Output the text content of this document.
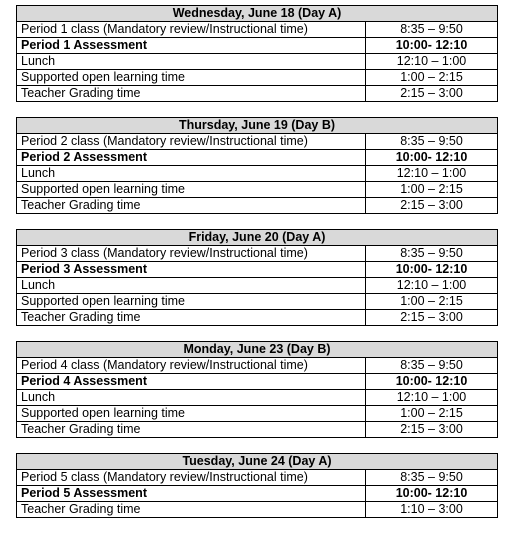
Wednesday, June 18 (Day A)	
Period 1 class (Mandatory review/Instructional time)	8:35 – 9:50
Period 1 Assessment	10:00- 12:10
Lunch	12:10 – 1:00
Supported open learning time	1:00 – 2:15
Teacher Grading time	2:15 – 3:00
Thursday, June 19 (Day B)	
Period 2 class (Mandatory review/Instructional time)	8:35 – 9:50
Period 2 Assessment	10:00- 12:10
Lunch	12:10 – 1:00
Supported open learning time	1:00 – 2:15
Teacher Grading time	2:15 – 3:00
Friday, June 20 (Day A)	
Period 3 class (Mandatory review/Instructional time)	8:35 – 9:50
Period 3 Assessment	10:00- 12:10
Lunch	12:10 – 1:00
Supported open learning time	1:00 – 2:15
Teacher Grading time	2:15 – 3:00
Monday, June 23 (Day B)	
Period 4 class (Mandatory review/Instructional time)	8:35 – 9:50
Period 4 Assessment	10:00- 12:10
Lunch	12:10 – 1:00
Supported open learning time	1:00 – 2:15
Teacher Grading time	2:15 – 3:00
Tuesday, June 24 (Day A)	
Period 5 class (Mandatory review/Instructional time)	8:35 – 9:50
Period 5 Assessment	10:00- 12:10
Teacher Grading time	1:10 – 3:00
